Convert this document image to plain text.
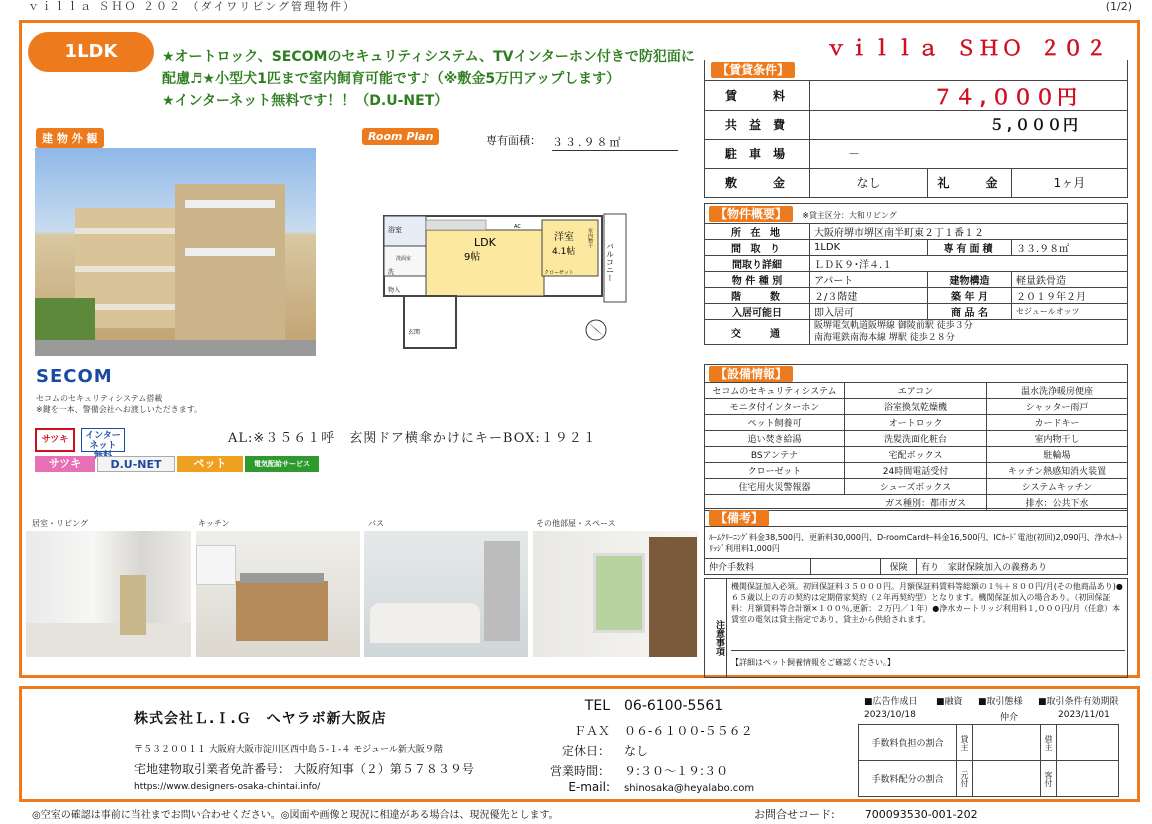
ｖｉｌｌａ ＳＨＯ ２０２ （ダイワリビング管理物件）	(1/2)
1LDK	★オートロック、SECOMのセキュリティシステム、TVインターホン付きで防犯面に
配慮♬★小型犬1匹まで室内飼育可能です♪（※敷金5万円アップします）
★インターネット無料です！！（D.U-NET）
ｖｉｌｌａ ＳＨＯ ２０２
建 物 外 観
SECOM
セコムのセキュリティシステム搭載
※鍵を一本、警備会社へお渡しいただきます。
サツキ	インターネット
サツキ	D.U-NET	ペット	電気配給サービス
AL:※３５６１呼　玄関ドア横傘かけにキーBOX:１９２１
Room Plan	専有面積： ３３.９８㎡
LDK
9帖
洋室
4.1帖
浴室
洗面室
洗
物入
玄関
クローゼット
AC
バルコニー
室内物干
居室・リビング	キッチン	バス	その他部屋・スペース
【賃貸条件】			
賃　　料	７４,０００円		
共 益 費	５,０００円		
駐 車 場	－		
敷　　金	なし	礼　　金	1ヶ月
【物件概要】 ※貸主区分：大和リビング			
所 在 地	大阪府堺市堺区南半町東２丁１番１２		
間 取 り	1LDK	専有面積	３３.９８㎡
間取り詳細	ＬＤＫ９･洋４.１		
物 件 種 別	アパート	建物構造	軽量鉄骨造
階　　数	２/３階建	築 年 月	２０１９年２月
入居可能日	即入居可	商 品 名	セジュールオッツ
交　　通	阪堺電気軌道阪堺線 御陵前駅 徒歩３分
南海電鉄南海本線 堺駅 徒歩２８分		
【設備情報】		
セコムのセキュリティシステム	エアコン	温水洗浄暖房便座
モニタ付インターホン	浴室換気乾燥機	シャッター雨戸
ペット飼養可	オートロック	カードキー
追い焚き給湯	洗髪洗面化粧台	室内物干し
BSアンテナ	宅配ボックス	駐輪場
クローゼット	24時間電話受付	キッチン熱感知消火装置
住宅用火災警報器	シューズボックス	システムキッチン
ガス種別：都市ガス		排水：公共下水
【備考】

ﾙｰﾑｸﾘｰﾆﾝｸﾞ料金38,500円、更新料30,000円、D-roomCardｷｰ料金16,500円、ICｶｰﾄﾞ電池(初回)2,090円、浄水ｶｰﾄﾘｯｼﾞ利用料1,000円

仲介手数料		保険	有り　 家財保険加入の義務あり
注意事項
機関保証加入必須。初回保証料３５０００円。月額保証料賃料等総額の１％＋８００円/月(その他商品あり)●６５歳以上の方の契約は定期借家契約（２年再契約型）となります。機関保証加入の場合あり。（初回保証料：月額賃料等合計額×１００％,更新：２万円／１年）●浄水カートリッジ利用料１,０００円/月（任意）本賃室の電気は貸主指定であり、貸主から供給されます。
【詳細はペット飼養情報をご確認ください。】
株式会社Ｌ.Ｉ.Ｇ　へヤラボ新大阪店
〒５３２００１１ 大阪府大阪市淀川区西中島５-１-４ モジュール新大阪９階
宅地建物取引業者免許番号： 大阪府知事（２）第５７８３９号
https://www.designers-osaka-chintai.info/
TEL 06-6100-5561
ＦＡＸ ０６-６１００-５５６２
定休日： なし
営業時間： ９:３０～１９:３０
E-mail: shinosaka@heyalabo.com
■広告作成日
2023/10/18
■融資 ■取引態様
仲介
■取引条件有効期限
2023/11/01
手数料負担の割合	貸主		借主	
手数料配分の割合	元付		客付	
◎空室の確認は事前に当社までお問い合わせください。◎図面や画像と現況に相違がある場合は、現況優先とします。	お問合せコード:	700093530-001-202
